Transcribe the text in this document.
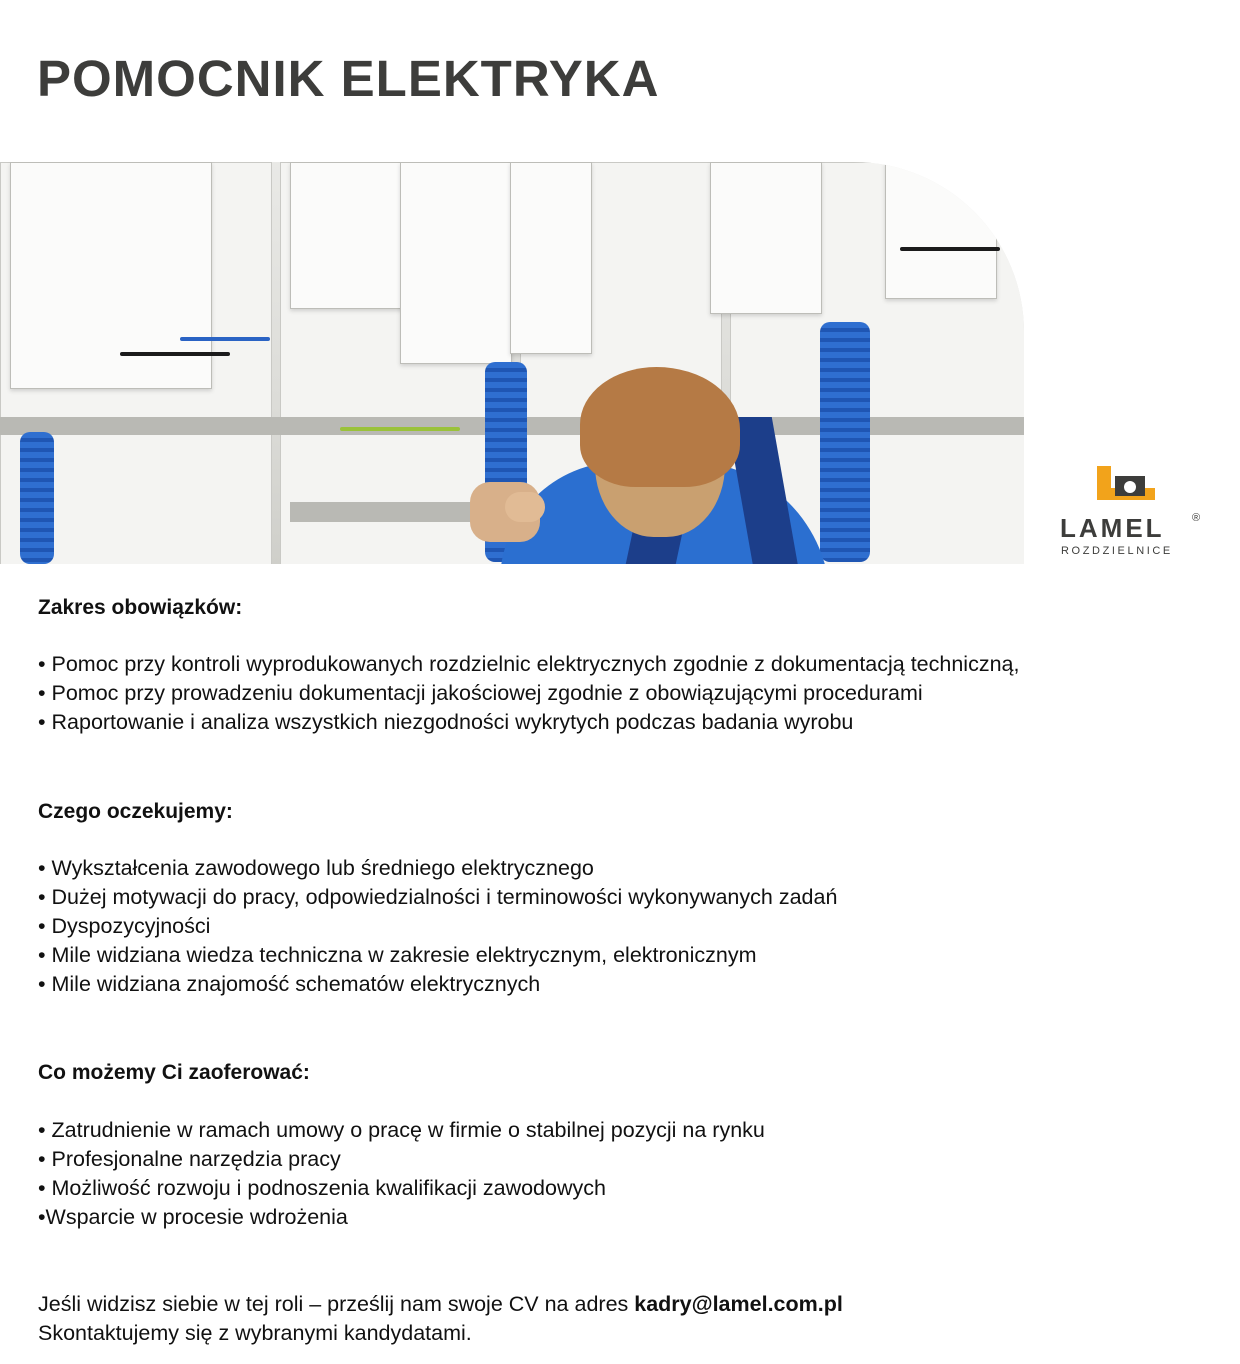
POMOCNIK ELEKTRYKA
LAMEL ®
ROZDZIELNICE
Zakres obowiązków:
• Pomoc przy kontroli wyprodukowanych rozdzielnic elektrycznych zgodnie z dokumentacją techniczną,
• Pomoc przy prowadzeniu dokumentacji jakościowej zgodnie z obowiązującymi procedurami
• Raportowanie i analiza wszystkich niezgodności wykrytych podczas badania wyrobu
Czego oczekujemy:
• Wykształcenia zawodowego lub średniego elektrycznego
• Dużej motywacji do pracy, odpowiedzialności i terminowości wykonywanych zadań
• Dyspozycyjności
• Mile widziana wiedza techniczna w zakresie elektrycznym, elektronicznym
• Mile widziana znajomość schematów elektrycznych
Co możemy Ci zaoferować:
• Zatrudnienie w ramach umowy o pracę w firmie o stabilnej pozycji na rynku
• Profesjonalne narzędzia pracy
• Możliwość rozwoju i podnoszenia kwalifikacji zawodowych
•Wsparcie w procesie wdrożenia

Jeśli widzisz siebie w tej roli – prześlij nam swoje CV na adres kadry@lamel.com.pl

Skontaktujemy się z wybranymi kandydatami.
